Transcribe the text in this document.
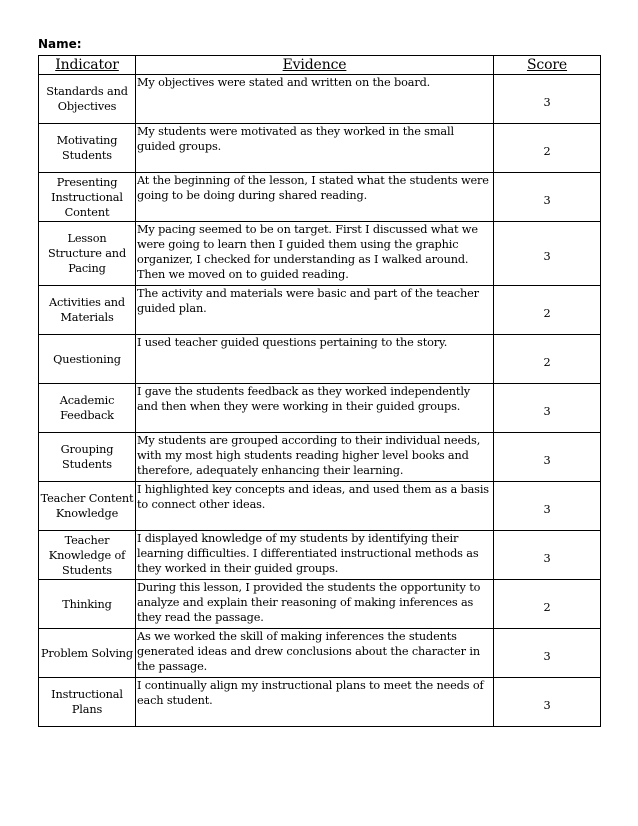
Name:
Indicator	Evidence	Score
Standards and Objectives	My objectives were stated and written on the board.	3
Motivating Students	My students were motivated as they worked in the small guided groups.	2
Presenting Instructional Content	At the beginning of the lesson, I stated what the students were going to be doing during shared reading.	3
Lesson Structure and Pacing	My pacing seemed to be on target. First I discussed what we were going to learn then I guided them using the graphic organizer, I checked for understanding as I walked around. Then we moved on to guided reading.	3
Activities and Materials	The activity and materials were basic and part of the teacher guided plan.	2
Questioning	I used teacher guided questions pertaining to the story.	2
Academic Feedback	I gave the students feedback as they worked independently and then when they were working in their guided groups.	3
Grouping Students	My students are grouped according to their individual needs, with my most high students reading higher level books and therefore, adequately enhancing their learning.	3
Teacher Content Knowledge	I highlighted key concepts and ideas, and used them as a basis to connect other ideas.	3
Teacher Knowledge of Students	I displayed knowledge of my students by identifying their learning difficulties. I differentiated instructional methods as they worked in their guided groups.	3
Thinking	During this lesson, I provided the students the opportunity to analyze and explain their reasoning of making inferences as they read the passage.	2
Problem Solving	As we worked the skill of making inferences the students generated ideas and drew conclusions about the character in the passage.	3
Instructional Plans	I continually align my instructional plans to meet the needs of each student.	3
